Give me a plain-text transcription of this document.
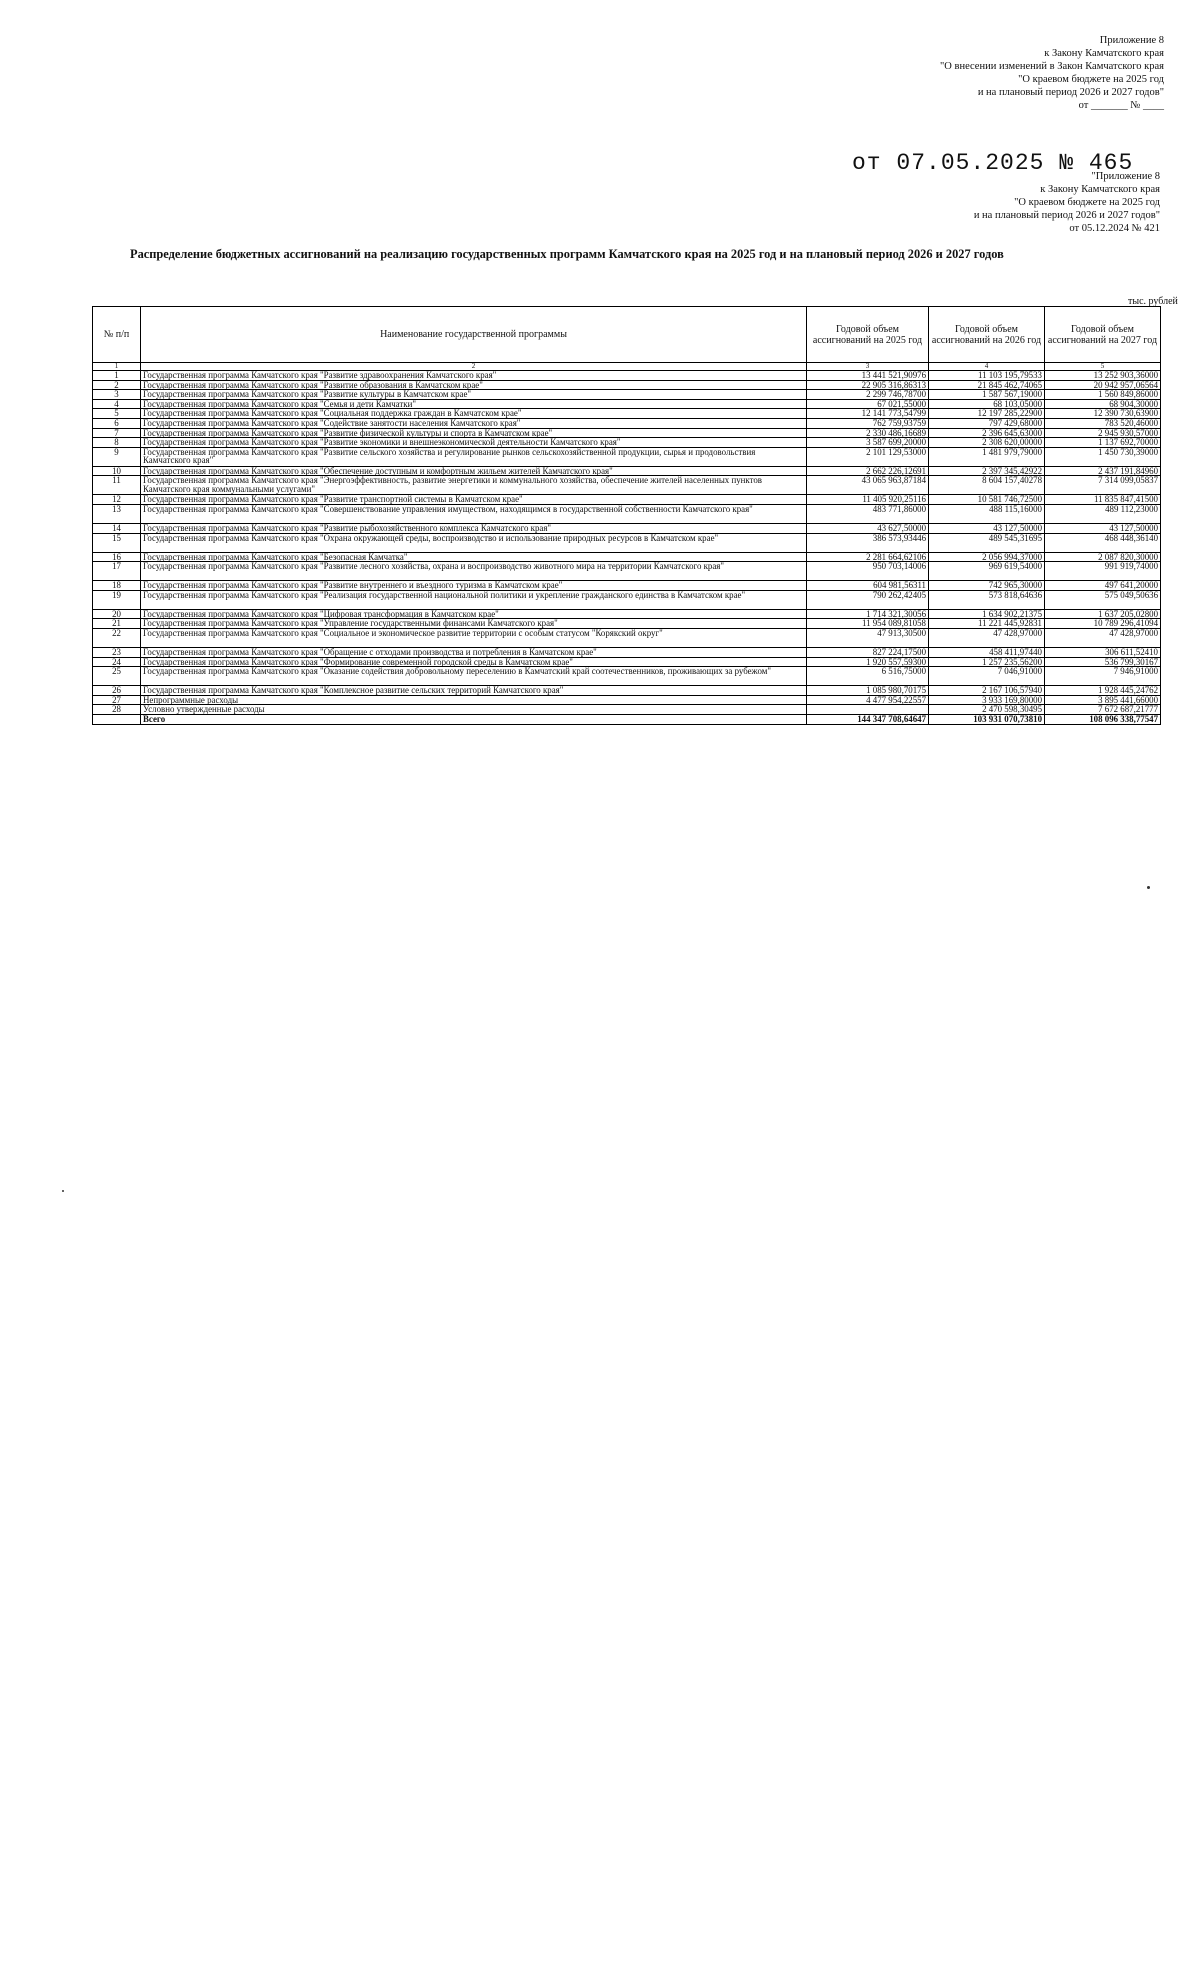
Приложение 8
к Закону Камчатского края
"О внесении изменений в Закон Камчатского края
"О краевом бюджете на 2025 год
и на плановый период 2026 и 2027 годов"
от _______ № ____
от 07.05.2025 № 465
"Приложение 8
к Закону Камчатского края
"О краевом бюджете на 2025 год
и на плановый период 2026 и 2027 годов"
от 05.12.2024 № 421
Распределение бюджетных ассигнований на реализацию государственных программ Камчатского края на 2025 год и на плановый период 2026 и 2027 годов
тыс. рублей
№ п/п	Наименование государственной программы	Годовой объем ассигнований на 2025 год	Годовой объем ассигнований на 2026 год	Годовой объем ассигнований на 2027 год
1	2	3	4	5
1	Государственная программа Камчатского края "Развитие здравоохранения Камчатского края"	13 441 521,90976	11 103 195,79533	13 252 903,36000
2	Государственная программа Камчатского края "Развитие образования в Камчатском крае"	22 905 316,86313	21 845 462,74065	20 942 957,06564
3	Государственная программа Камчатского края "Развитие культуры в Камчатском крае"	2 299 746,78700	1 587 567,19000	1 560 849,86000
4	Государственная программа Камчатского края "Семья и дети Камчатки"	67 021,55000	68 103,05000	68 904,30000
5	Государственная программа Камчатского края "Социальная поддержка граждан в Камчатском крае"	12 141 773,54799	12 197 285,22900	12 390 730,63900
6	Государственная программа Камчатского края "Содействие занятости населения Камчатского края"	762 759,93759	797 429,68000	783 520,46000
7	Государственная программа Камчатского края "Развитие физической культуры и спорта в Камчатском крае"	2 330 486,16689	2 396 645,63000	2 945 930,57000
8	Государственная программа Камчатского края "Развитие экономики и внешнеэкономической деятельности Камчатского края"	3 587 699,20000	2 308 620,00000	1 137 692,70000
9	Государственная программа Камчатского края "Развитие сельского хозяйства и регулирование рынков сельскохозяйственной продукции, сырья и продовольствия Камчатского края"	2 101 129,53000	1 481 979,79000	1 450 730,39000
10	Государственная программа Камчатского края "Обеспечение доступным и комфортным жильем жителей Камчатского края"	2 662 226,12691	2 397 345,42922	2 437 191,84960
11	Государственная программа Камчатского края "Энергоэффективность, развитие энергетики и коммунального хозяйства, обеспечение жителей населенных пунктов Камчатского края коммунальными услугами"	43 065 963,87184	8 604 157,40278	7 314 099,05837
12	Государственная программа Камчатского края "Развитие транспортной системы в Камчатском крае"	11 405 920,25116	10 581 746,72500	11 835 847,41500
13	Государственная программа Камчатского края "Совершенствование управления имуществом, находящимся в государственной собственности Камчатского края"	483 771,86000	488 115,16000	489 112,23000
14	Государственная программа Камчатского края "Развитие рыбохозяйственного комплекса Камчатского края"	43 627,50000	43 127,50000	43 127,50000
15	Государственная программа Камчатского края "Охрана окружающей среды, воспроизводство и использование природных ресурсов в Камчатском крае"	386 573,93446	489 545,31695	468 448,36140
16	Государственная программа Камчатского края "Безопасная Камчатка"	2 281 664,62106	2 056 994,37000	2 087 820,30000
17	Государственная программа Камчатского края "Развитие лесного хозяйства, охрана и воспроизводство животного мира на территории Камчатского края"	950 703,14006	969 619,54000	991 919,74000
18	Государственная программа Камчатского края "Развитие внутреннего и въездного туризма в Камчатском крае"	604 981,56311	742 965,30000	497 641,20000
19	Государственная программа Камчатского края "Реализация государственной национальной политики и укрепление гражданского единства в Камчатском крае"	790 262,42405	573 818,64636	575 049,50636
20	Государственная программа Камчатского края "Цифровая трансформация в Камчатском крае"	1 714 321,30056	1 634 902,21375	1 637 205,02800
21	Государственная программа Камчатского края "Управление государственными финансами Камчатского края"	11 954 089,81058	11 221 445,92831	10 789 296,41094
22	Государственная программа Камчатского края "Социальное и экономическое развитие территории с особым статусом "Корякский округ"	47 913,30500	47 428,97000	47 428,97000
23	Государственная программа Камчатского края "Обращение с отходами производства и потребления в Камчатском крае"	827 224,17500	458 411,97440	306 611,52410
24	Государственная программа Камчатского края "Формирование современной городской среды в Камчатском крае"	1 920 557,59300	1 257 235,56200	536 799,30167
25	Государственная программа Камчатского края "Оказание содействия добровольному переселению в Камчатский край соотечественников, проживающих за рубежом"	6 516,75000	7 046,91000	7 946,91000
26	Государственная программа Камчатского края "Комплексное развитие сельских территорий Камчатского края"	1 085 980,70175	2 167 106,57940	1 928 445,24762
27	Непрограммные расходы	4 477 954,22557	3 933 169,80000	3 895 441,66000
28	Условно утвержденные расходы		2 470 598,30495	7 672 687,21777
	Всего	144 347 708,64647	103 931 070,73810	108 096 338,77547
